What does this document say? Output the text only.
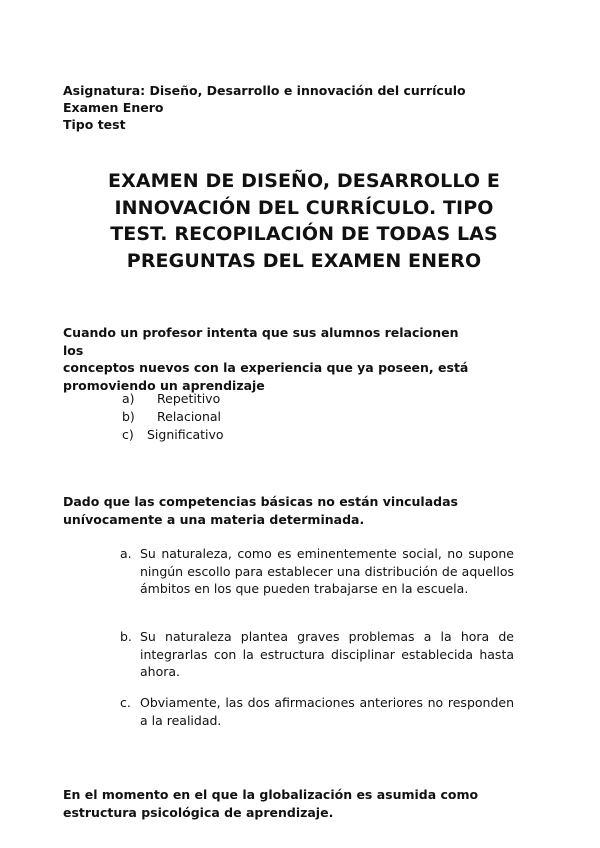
Asignatura: Diseño, Desarrollo e innovación del currículo
Examen Enero
Tipo test
EXAMEN DE DISEÑO, DESARROLLO E
INNOVACIÓN DEL CURRÍCULO. TIPO
TEST. RECOPILACIÓN DE TODAS LAS
PREGUNTAS DEL EXAMEN ENERO
Cuando un profesor intenta que sus alumnos relacionen los
conceptos nuevos con la experiencia que ya poseen, está
promoviendo un aprendizaje
a) Repetitivo
b) Relacional
c) Significativo
Dado que las competencias básicas no están vinculadas
unívocamente a una materia determinada.
a. Su naturaleza, como es eminentemente social, no supone ningún escollo para establecer una distribución de aquellos ámbitos en los que pueden trabajarse en la escuela.
b. Su naturaleza plantea graves problemas a la hora de integrarlas con la estructura disciplinar establecida hasta ahora.
c. Obviamente, las dos afirmaciones anteriores no responden a la realidad.
En el momento en el que la globalización es asumida como
estructura psicológica de aprendizaje.
